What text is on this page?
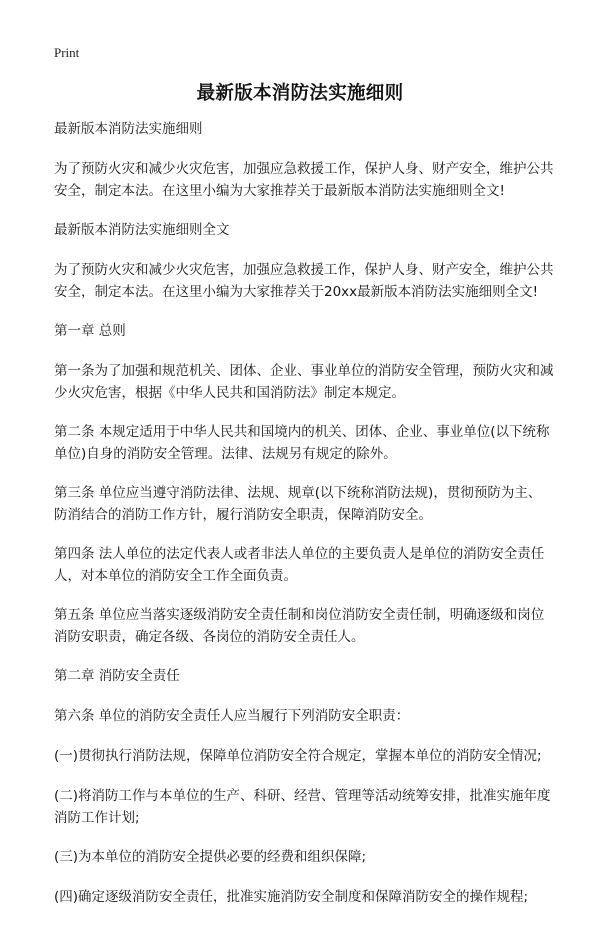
Print
最新版本消防法实施细则

最新版本消防法实施细则

为了预防火灾和减少火灾危害，加强应急救援工作，保护人身、财产安全，维护公共安全，制定本法。在这里小编为大家推荐关于最新版本消防法实施细则全文!

最新版本消防法实施细则全文

为了预防火灾和减少火灾危害，加强应急救援工作，保护人身、财产安全，维护公共安全，制定本法。在这里小编为大家推荐关于20xx最新版本消防法实施细则全文!

第一章 总则

第一条为了加强和规范机关、团体、企业、事业单位的消防安全管理，预防火灾和减少火灾危害，根据《中华人民共和国消防法》制定本规定。

第二条 本规定适用于中华人民共和国境内的机关、团体、企业、事业单位(以下统称单位)自身的消防安全管理。法律、法规另有规定的除外。

第三条 单位应当遵守消防法律、法规、规章(以下统称消防法规)，贯彻预防为主、防消结合的消防工作方针，履行消防安全职责，保障消防安全。

第四条 法人单位的法定代表人或者非法人单位的主要负责人是单位的消防安全责任人，对本单位的消防安全工作全面负责。

第五条 单位应当落实逐级消防安全责任制和岗位消防安全责任制，明确逐级和岗位消防安职责，确定各级、各岗位的消防安全责任人。

第二章 消防安全责任

第六条 单位的消防安全责任人应当履行下列消防安全职责：

(一)贯彻执行消防法规，保障单位消防安全符合规定，掌握本单位的消防安全情况;

(二)将消防工作与本单位的生产、科研、经营、管理等活动统筹安排，批准实施年度消防工作计划;

(三)为本单位的消防安全提供必要的经费和组织保障;

(四)确定逐级消防安全责任，批准实施消防安全制度和保障消防安全的操作规程;
